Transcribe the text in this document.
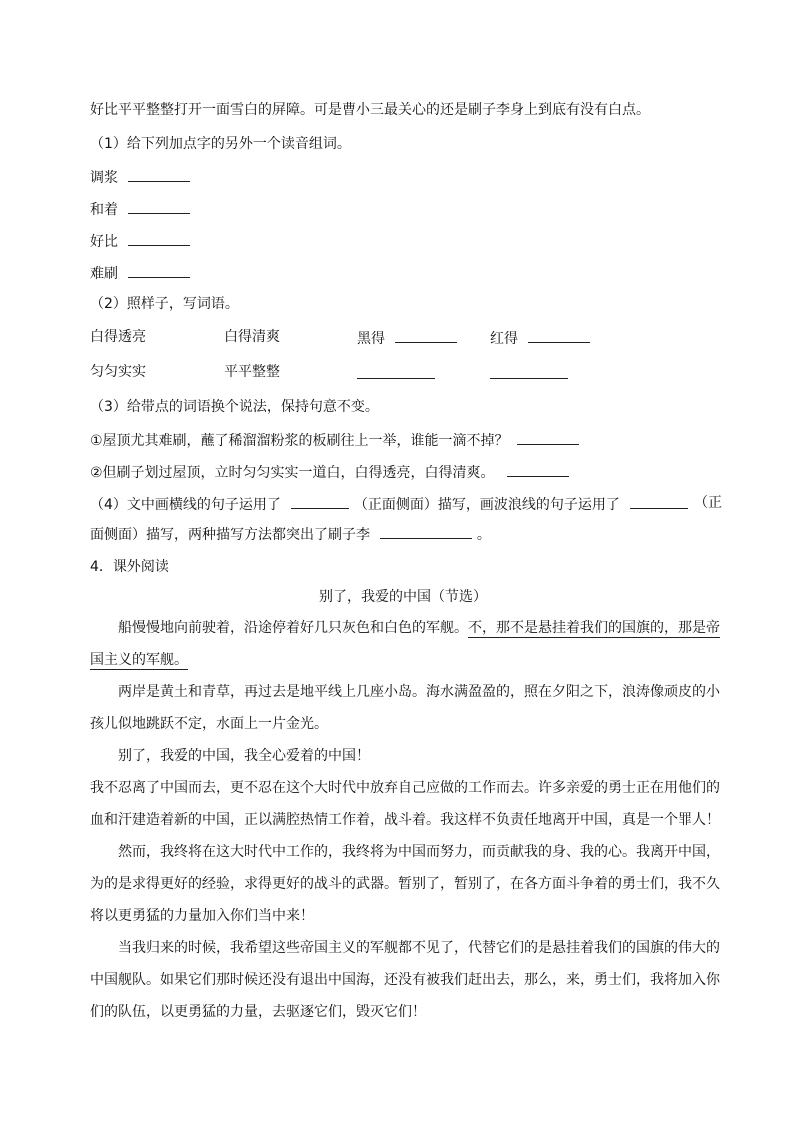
好比平平整整打开一面雪白的屏障。可是曹小三最关心的还是刷子李身上到底有没有白点。
（1）给下列加点字的另外一个读音组词。
调浆
和着
好比
难刷
（2）照样子，写词语。
白得透亮	白得清爽	黑得	红得
匀匀实实	平平整整
（3）给带点的词语换个说法，保持句意不变。
①屋顶尤其难刷，蘸了稀溜溜粉浆的板刷往上一举，谁能一滴不掉？
②但刷子划过屋顶，立时匀匀实实一道白，白得透亮，白得清爽。
（4）文中画横线的句子运用了	（正面侧面）描写，画波浪线的句子运用了	（正
面侧面）描写，两种描写方法都突出了刷子李	。
4．课外阅读
别了，我爱的中国（节选）
船慢慢地向前驶着，沿途停着好几只灰色和白色的军舰。不，那不是悬挂着我们的国旗的，那是帝
国主义的军舰。
两岸是黄土和青草，再过去是地平线上几座小岛。海水满盈盈的，照在夕阳之下，浪涛像顽皮的小
孩儿似地跳跃不定，水面上一片金光。
别了，我爱的中国，我全心爱着的中国！
我不忍离了中国而去，更不忍在这个大时代中放弃自己应做的工作而去。许多亲爱的勇士正在用他们的
血和汗建造着新的中国，正以满腔热情工作着，战斗着。我这样不负责任地离开中国，真是一个罪人！
然而，我终将在这大时代中工作的，我终将为中国而努力，而贡献我的身、我的心。我离开中国，
为的是求得更好的经验，求得更好的战斗的武器。暂别了，暂别了，在各方面斗争着的勇士们，我不久
将以更勇猛的力量加入你们当中来！
当我归来的时候，我希望这些帝国主义的军舰都不见了，代替它们的是悬挂着我们的国旗的伟大的
中国舰队。如果它们那时候还没有退出中国海，还没有被我们赶出去，那么，来，勇士们，我将加入你
们的队伍，以更勇猛的力量，去驱逐它们，毁灭它们！
